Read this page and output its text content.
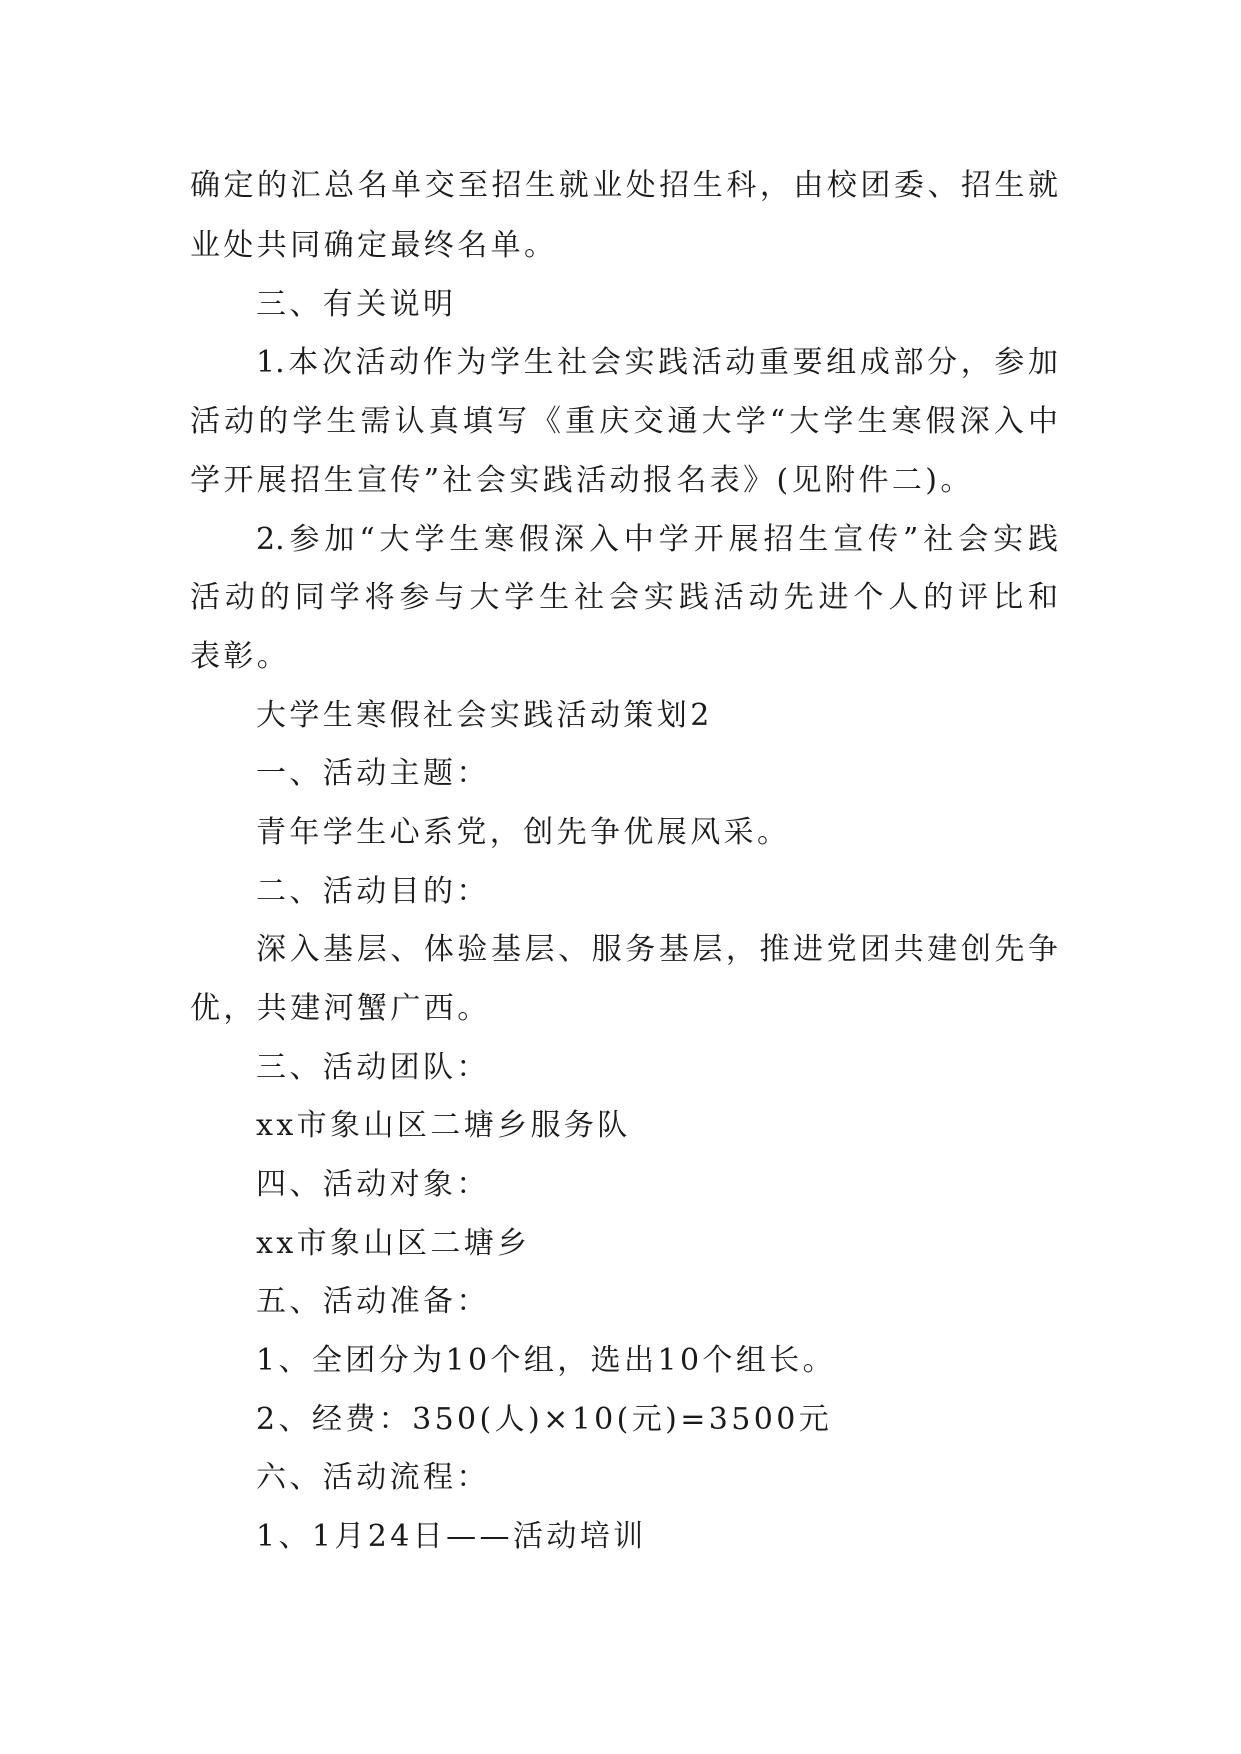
确定的汇总名单交至招生就业处招生科，由校团委、招生就
业处共同确定最终名单。
三、有关说明
1.本次活动作为学生社会实践活动重要组成部分，参加
活动的学生需认真填写《重庆交通大学“大学生寒假深入中
学开展招生宣传”社会实践活动报名表》(见附件二)。
2.参加“大学生寒假深入中学开展招生宣传”社会实践
活动的同学将参与大学生社会实践活动先进个人的评比和
表彰。
大学生寒假社会实践活动策划2
一、活动主题：
青年学生心系党，创先争优展风采。
二、活动目的：
深入基层、体验基层、服务基层，推进党团共建创先争
优，共建河蟹广西。
三、活动团队：
xx市象山区二塘乡服务队
四、活动对象：
xx市象山区二塘乡
五、活动准备：
1、全团分为10个组，选出10个组长。
2、经费：350(人)×10(元)=3500元
六、活动流程：
1、1月24日——活动培训
